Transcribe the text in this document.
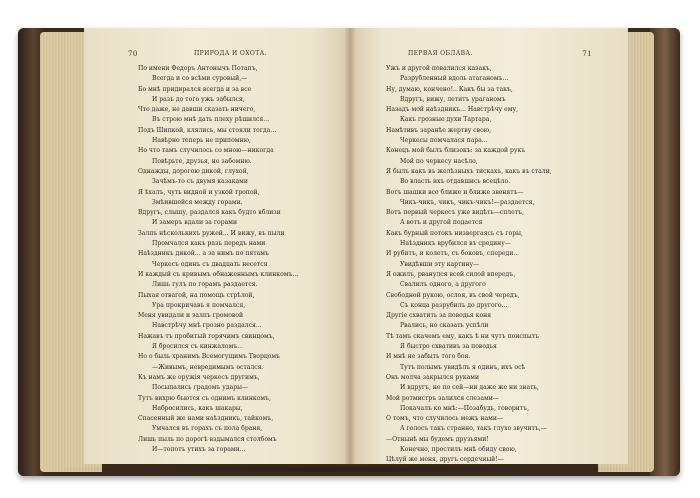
70	ПРИРОДА И ОХОТА.
По имени Федоръ Антонычъ Потапъ,
Всегда и со всѣми суровый,—
Бо мнѣ придирался всегда и за все
И разъ до того ужъ забылся,
Что даже, не давши сказать ничего,
Въ строю мнѣ дать плеху рѣшился...
Подъ Шипкой, клялись, мы стояли тогда...
Навѣрно теперь не припомню,
Но что тамъ случилось со мною—никогда
Повѣрьте, друзья, не забомню.
Однажды, дорогою дикой, глухой,
Зачѣмъ-то съ двумя казаками
Я ѣхалъ, чуть видной и узкой тропой,
Змѣившейся между горами.
Вдругъ, слышу, раздался какъ будто вблизи
И замеръ вдали за горами
Залпъ нѣсколькихъ ружей... И вижу, въ пыли
Промчался какъ разъ передъ нами
Наѣздникъ дикой... а за нимъ по пятамъ
Черкесъ одинъ съ двадцать несется
И каждый съ кривымъ обнаженнымъ клинкомъ...
Лишь гулъ по горамъ раздается.
Пыхая отвагой, на помощь стрѣлой,
Ура прокричавъ я помчался,
Меня увидали и залпъ громовой
Навстрѣчу мнѣ грозно раздался...
Нажавъ тъ пробитый горячимъ свинцомъ,
Я бросился съ кинжаломъ...
Но о быль хранимъ Всемогущимъ Творцомъ
—Живымъ, невредимымъ остался.
Къ намъ же оружія черкесъ другимъ,
Посыпались градомъ удары—
Тутъ вихрю бьются съ однимъ клинкомъ,
Набросились, какъ шакары,
Спасенный же нами наѣздникъ, тайкомъ,
Умчался въ горахъ съ пола браня,
Лишь пыль по дорогѣ вздымался столбомъ
И—топотъ утихъ за горами...
ПЕРВАЯ ОБЛАВА.	71
Ужъ и другой повалился казакъ,
Разрубленный вдоль атаганомъ...
Ну, думаю, кончено!.. Какъ бы за такъ,
Вдругъ, вижу, летитъ урaганомъ
Назадъ мой наѣздникъ... Навстрѣчу ему,
Какъ грозные духи Тартара,
Намѣтивъ заранѣе жертву свою,
Черкесы помчалася пара...
Конецъ мой былъ близокъ: за каждой рукъ
Мой по черкесу насѣло,
Я былъ какъ въ желѣзныхъ тискахъ, какъ въ стали,
Во власть ихъ отдавшись всецѣло.
Вотъ шашки все ближе и ближе звенятъ—
Чикъ-чикъ, чикъ, чикъ-чикъ!—раздается,
Вотъ первый черкесъ уже видѣть—сплетъ,
А вотъ и другой подается
Какъ бурный потокъ низвергаясь съ горы,
Наѣздникъ врубился въ средину—
И рубитъ, и колетъ, съ боковъ, спереди...
Увидѣвши эту картину—
Я ожилъ, рванулся всей силой впередъ,
Свалилъ одного, а другого
Свободной рукою, ослоя, въ свой чередъ,
Съ конца разрубилъ до другого...
Другіе схватить за поводья коня
Рвались, но сказать успѣли
Тѣ тамъ скачемъ ему, какъ ѣ ни чутъ поиспытъ
Я быстро схвативъ зa поводья
И мнѣ не забыть того боя.
Тутъ полымъ увидѣлъ я одинъ, ихъ осѣ
Онъ молча закрылся руками
И вдругъ, не по сей—ни даже же ни знать,
Мой ротмистръ залился слезами—
Покачалъ ко мнѣ:—Позабудь, говоритъ,
О томъ, что случилось межъ нами—
А голосъ такъ странно, такъ глухо звучитъ,—
—Отнынѣ мы будемъ друзьями!
Конечно, простилъ мнѣ обиду свою,
Цѣлуй же меня, другъ сердечный!—
